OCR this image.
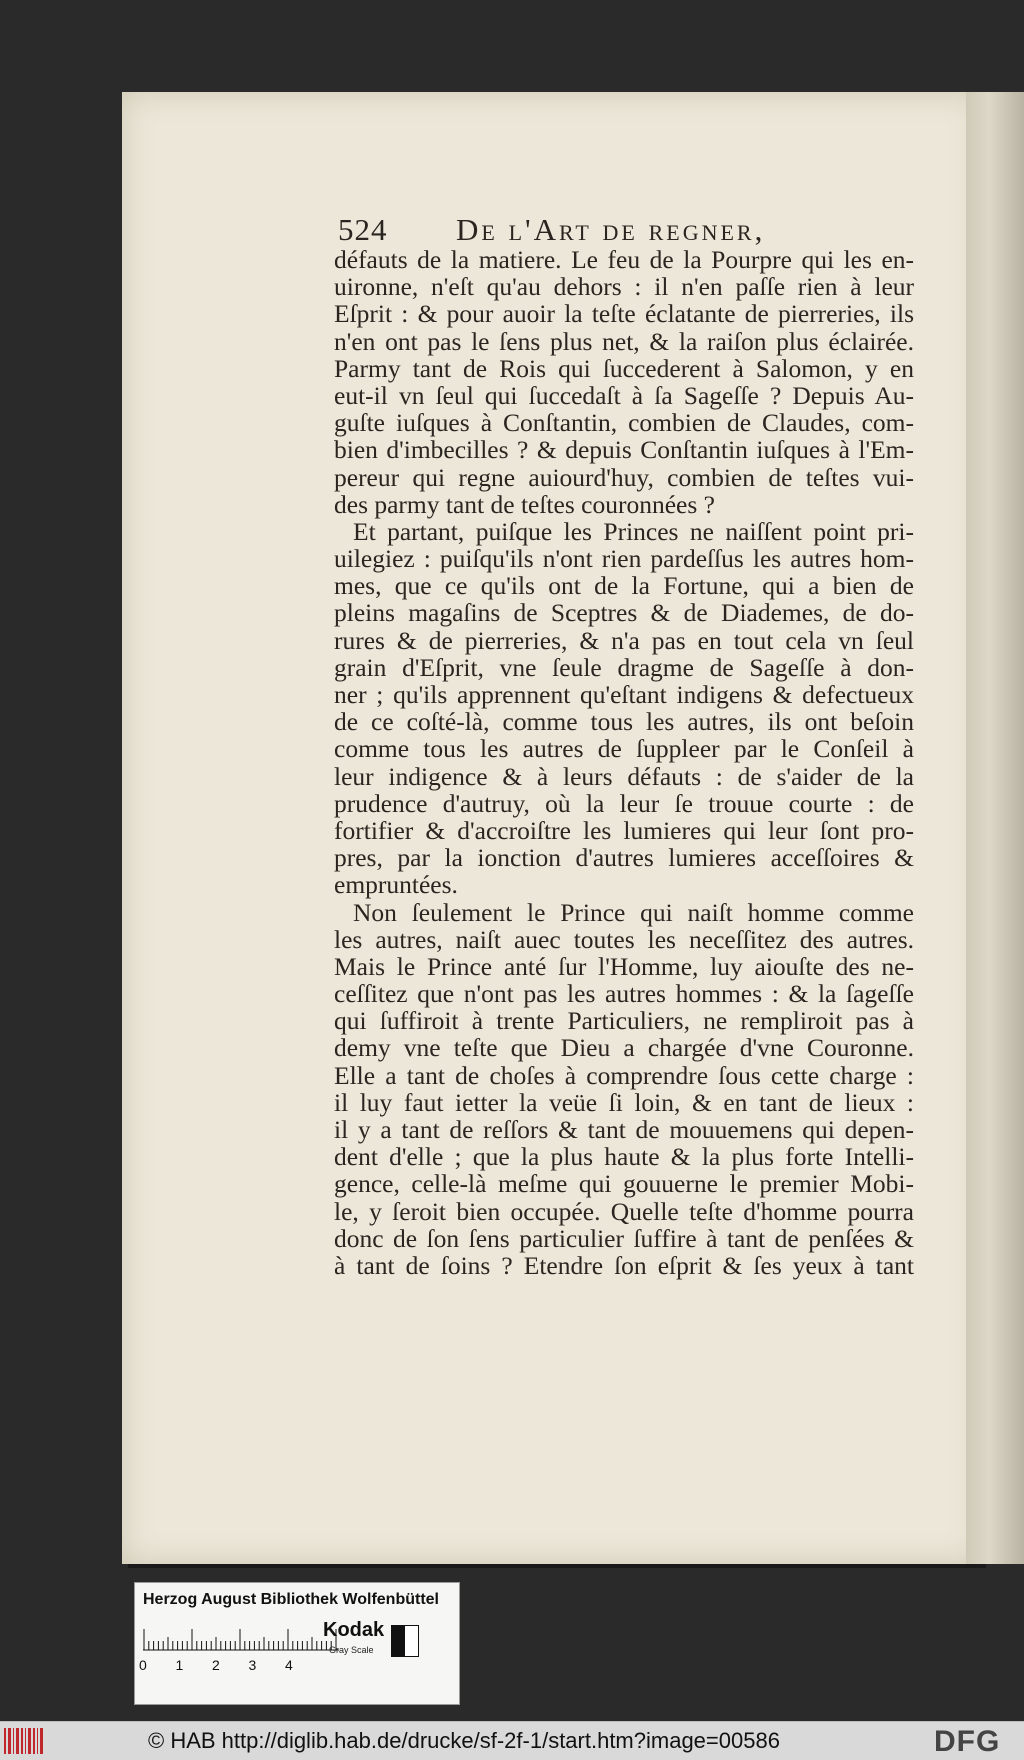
524 De l'Art de regner,
défauts de la matiere. Le feu de la Pourpre qui les en-
uironne, n'eſt qu'au dehors : il n'en paſſe rien à leur
Eſprit : & pour auoir la teſte éclatante de pierreries, ils
n'en ont pas le ſens plus net, & la raiſon plus éclairée.
Parmy tant de Rois qui ſuccederent à Salomon, y en
eut-il vn ſeul qui ſuccedaſt à ſa Sageſſe ? Depuis Au-
guſte iuſques à Conſtantin, combien de Claudes, com-
bien d'imbecilles ? & depuis Conſtantin iuſques à l'Em-
pereur qui regne auiourd'huy, combien de teſtes vui-
des parmy tant de teſtes couronnées ?
Et partant, puiſque les Princes ne naiſſent point pri-
uilegiez : puiſqu'ils n'ont rien pardeſſus les autres hom-
mes, que ce qu'ils ont de la Fortune, qui a bien de
pleins magaſins de Sceptres & de Diademes, de do-
rures & de pierreries, & n'a pas en tout cela vn ſeul
grain d'Eſprit, vne ſeule dragme de Sageſſe à don-
ner ; qu'ils apprennent qu'eſtant indigens & defectueux
de ce coſté-là, comme tous les autres, ils ont beſoin
comme tous les autres de ſuppleer par le Conſeil à
leur indigence & à leurs défauts : de s'aider de la
prudence d'autruy, où la leur ſe trouue courte : de
fortifier & d'accroiſtre les lumieres qui leur ſont pro-
pres, par la ionction d'autres lumieres acceſſoires &
empruntées.
Non ſeulement le Prince qui naiſt homme comme
les autres, naiſt auec toutes les neceſſitez des autres.
Mais le Prince anté ſur l'Homme, luy aiouſte des ne-
ceſſitez que n'ont pas les autres hommes : & la ſageſſe
qui ſuffiroit à trente Particuliers, ne rempliroit pas à
demy vne teſte que Dieu a chargée d'vne Couronne.
Elle a tant de choſes à comprendre ſous cette charge :
il luy faut ietter la veüe ſi loin, & en tant de lieux :
il y a tant de reſſors & tant de mouuemens qui depen-
dent d'elle ; que la plus haute & la plus forte Intelli-
gence, celle-là meſme qui gouuerne le premier Mobi-
le, y ſeroit bien occupée. Quelle teſte d'homme pourra
donc de ſon ſens particulier ſuffire à tant de penſées &
à tant de ſoins ? Etendre ſon eſprit & ſes yeux à tant
Herzog August Bibliothek Wolfenbüttel
0 1 2 3 4
Kodak
Gray Scale
© HAB http://diglib.hab.de/drucke/sf-2f-1/start.htm?image=00586	DFG
